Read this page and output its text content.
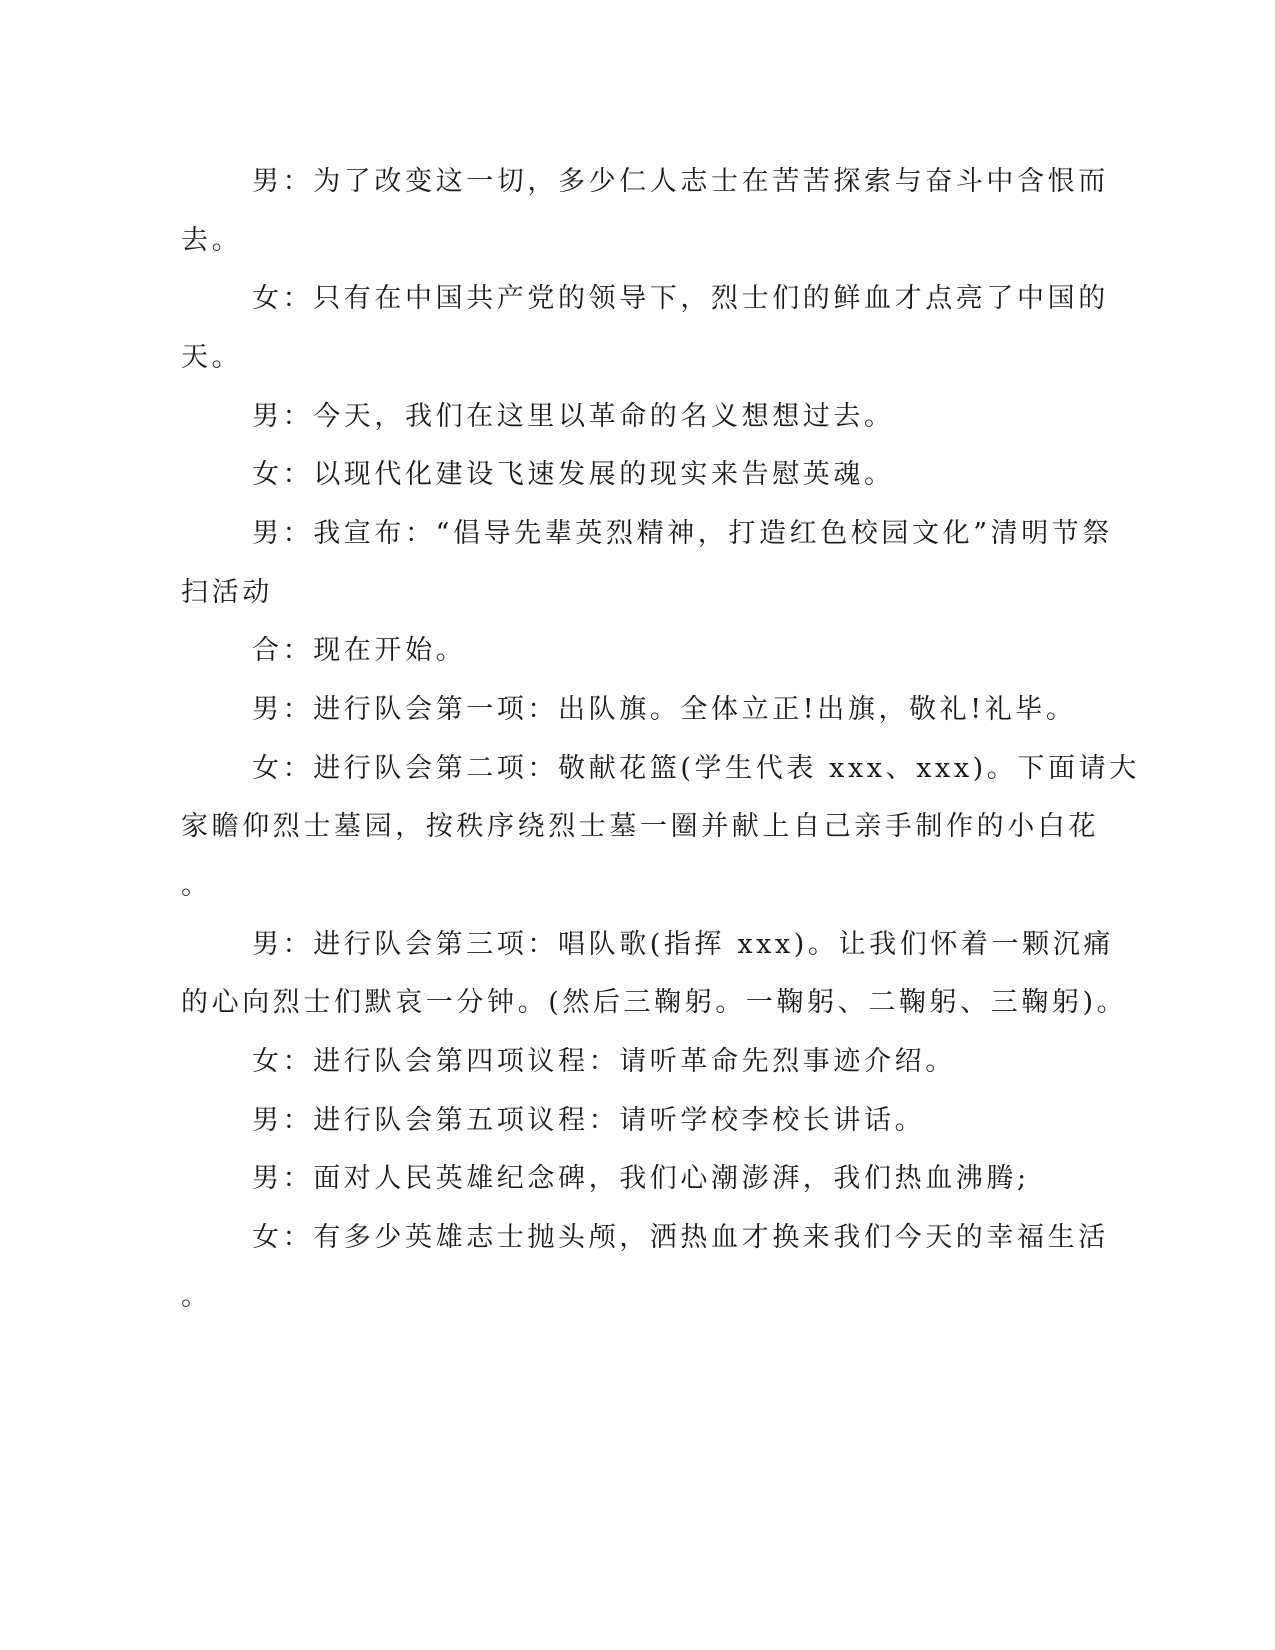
男：为了改变这一切，多少仁人志士在苦苦探索与奋斗中含恨而
去。
女：只有在中国共产党的领导下，烈士们的鲜血才点亮了中国的
天。
男：今天，我们在这里以革命的名义想想过去。
女：以现代化建设飞速发展的现实来告慰英魂。
男：我宣布：“倡导先辈英烈精神，打造红色校园文化”清明节祭
扫活动
合：现在开始。
男：进行队会第一项：出队旗。全体立正!出旗，敬礼!礼毕。
女：进行队会第二项：敬献花篮(学生代表 xxx、xxx)。下面请大
家瞻仰烈士墓园，按秩序绕烈士墓一圈并献上自己亲手制作的小白花
。
男：进行队会第三项：唱队歌(指挥 xxx)。让我们怀着一颗沉痛
的心向烈士们默哀一分钟。(然后三鞠躬。一鞠躬、二鞠躬、三鞠躬)。
女：进行队会第四项议程：请听革命先烈事迹介绍。
男：进行队会第五项议程：请听学校李校长讲话。
男：面对人民英雄纪念碑，我们心潮澎湃，我们热血沸腾;
女：有多少英雄志士抛头颅，洒热血才换来我们今天的幸福生活
。
